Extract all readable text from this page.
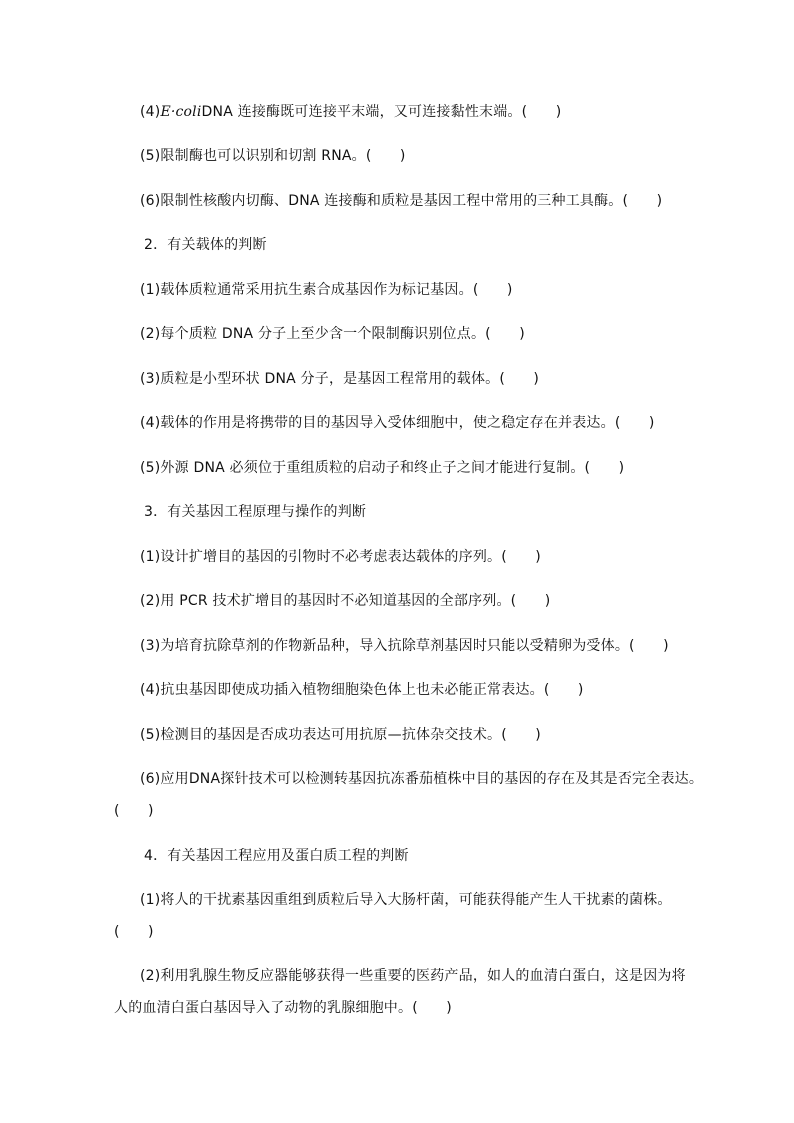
(4)E·coliDNA 连接酶既可连接平末端，又可连接黏性末端。(　　)
(5)限制酶也可以识别和切割 RNA。(　　)
(6)限制性核酸内切酶、DNA 连接酶和质粒是基因工程中常用的三种工具酶。(　　)
2．有关载体的判断
(1)载体质粒通常采用抗生素合成基因作为标记基因。(　　)
(2)每个质粒 DNA 分子上至少含一个限制酶识别位点。(　　)
(3)质粒是小型环状 DNA 分子，是基因工程常用的载体。(　　)
(4)载体的作用是将携带的目的基因导入受体细胞中，使之稳定存在并表达。(　　)
(5)外源 DNA 必须位于重组质粒的启动子和终止子之间才能进行复制。(　　)
3．有关基因工程原理与操作的判断
(1)设计扩增目的基因的引物时不必考虑表达载体的序列。(　　)
(2)用 PCR 技术扩增目的基因时不必知道基因的全部序列。(　　)
(3)为培育抗除草剂的作物新品种，导入抗除草剂基因时只能以受精卵为受体。(　　)
(4)抗虫基因即使成功插入植物细胞染色体上也未必能正常表达。(　　)
(5)检测目的基因是否成功表达可用抗原—抗体杂交技术。(　　)
(6)应用DNA探针技术可以检测转基因抗冻番茄植株中目的基因的存在及其是否完全表达。
(　　)
4．有关基因工程应用及蛋白质工程的判断
(1)将人的干扰素基因重组到质粒后导入大肠杆菌，可能获得能产生人干扰素的菌株。
(　　)
(2)利用乳腺生物反应器能够获得一些重要的医药产品，如人的血清白蛋白，这是因为将
人的血清白蛋白基因导入了动物的乳腺细胞中。(　　)
